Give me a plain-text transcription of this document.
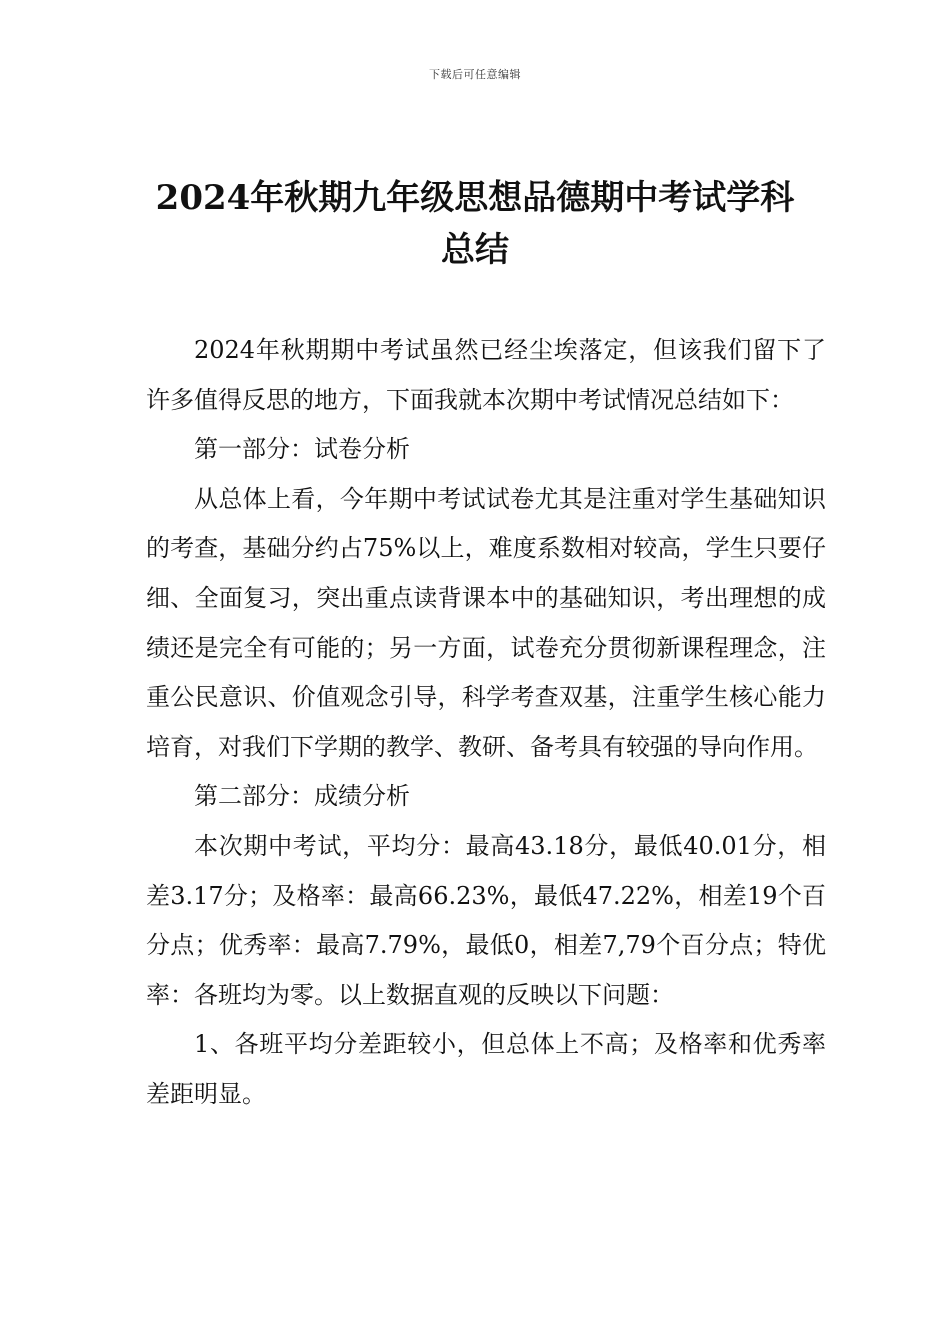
下载后可任意编辑
2024年秋期九年级思想品德期中考试学科
总结

2024年秋期期中考试虽然已经尘埃落定，但该我们留下了许多值得反思的地方，下面我就本次期中考试情况总结如下：

第一部分：试卷分析

从总体上看，今年期中考试试卷尤其是注重对学生基础知识的考查，基础分约占75%以上，难度系数相对较高，学生只要仔细、全面复习，突出重点读背课本中的基础知识，考出理想的成绩还是完全有可能的；另一方面，试卷充分贯彻新课程理念，注重公民意识、价值观念引导，科学考查双基，注重学生核心能力培育，对我们下学期的教学、教研、备考具有较强的导向作用。

第二部分：成绩分析

本次期中考试，平均分：最高43.18分，最低40.01分，相差3.17分；及格率：最高66.23%，最低47.22%，相差19个百分点；优秀率：最高7.79%，最低0，相差7,79个百分点；特优率：各班均为零。以上数据直观的反映以下问题：

1、各班平均分差距较小，但总体上不高；及格率和优秀率差距明显。
